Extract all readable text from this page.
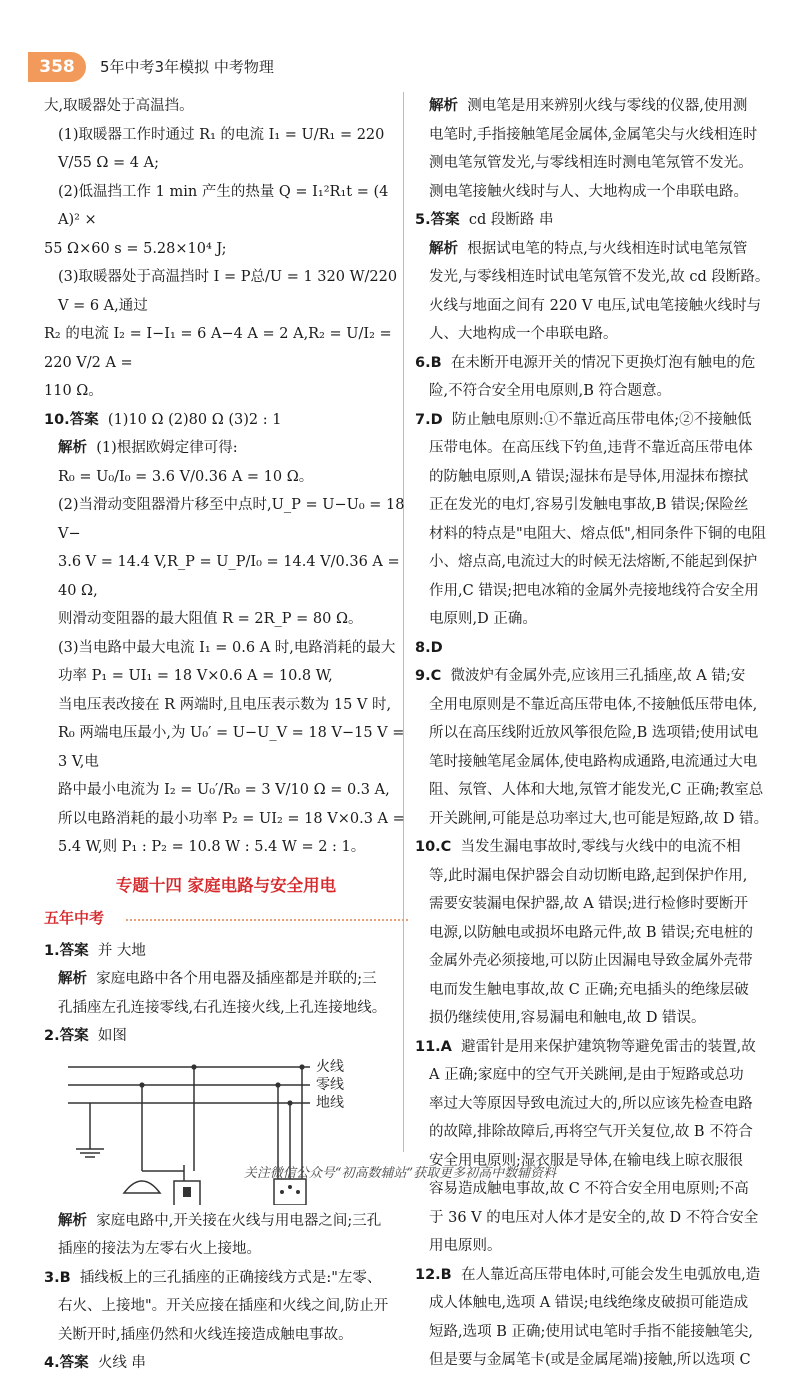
358	5年中考3年模拟 中考物理

大,取暖器处于高温挡。

(1)取暖器工作时通过 R₁ 的电流 I₁ = U/R₁ = 220 V/55 Ω = 4 A;

(2)低温挡工作 1 min 产生的热量 Q = I₁²R₁t = (4 A)² ×

55 Ω×60 s = 5.28×10⁴ J;

(3)取暖器处于高温挡时 I = P总/U = 1 320 W/220 V = 6 A,通过

R₂ 的电流 I₂ = I−I₁ = 6 A−4 A = 2 A,R₂ = U/I₂ = 220 V/2 A =

110 Ω。

10.答案 (1)10 Ω (2)80 Ω (3)2 : 1

解析 (1)根据欧姆定律可得:

R₀ = U₀/I₀ = 3.6 V/0.36 A = 10 Ω。

(2)当滑动变阻器滑片移至中点时,U_P = U−U₀ = 18 V−

3.6 V = 14.4 V,R_P = U_P/I₀ = 14.4 V/0.36 A = 40 Ω,

则滑动变阻器的最大阻值 R = 2R_P = 80 Ω。

(3)当电路中最大电流 I₁ = 0.6 A 时,电路消耗的最大

功率 P₁ = UI₁ = 18 V×0.6 A = 10.8 W,

当电压表改接在 R 两端时,且电压表示数为 15 V 时,

R₀ 两端电压最小,为 U₀′ = U−U_V = 18 V−15 V = 3 V,电

路中最小电流为 I₂ = U₀′/R₀ = 3 V/10 Ω = 0.3 A,

所以电路消耗的最小功率 P₂ = UI₂ = 18 V×0.3 A =

5.4 W,则 P₁ : P₂ = 10.8 W : 5.4 W = 2 : 1。

专题十四 家庭电路与安全用电
五年中考

1.答案 并 大地

解析 家庭电路中各个用电器及插座都是并联的;三

孔插座左孔连接零线,右孔连接火线,上孔连接地线。

2.答案 如图

火线
零线
地线

解析 家庭电路中,开关接在火线与用电器之间;三孔

插座的接法为左零右火上接地。

3.B 插线板上的三孔插座的正确接线方式是:"左零、

右火、上接地"。开关应接在插座和火线之间,防止开

关断开时,插座仍然和火线连接造成触电事故。

4.答案 火线 串

解析 测电笔是用来辨别火线与零线的仪器,使用测

电笔时,手指接触笔尾金属体,金属笔尖与火线相连时

测电笔氖管发光,与零线相连时测电笔氖管不发光。

测电笔接触火线时与人、大地构成一个串联电路。

5.答案 cd 段断路 串

解析 根据试电笔的特点,与火线相连时试电笔氖管

发光,与零线相连时试电笔氖管不发光,故 cd 段断路。

火线与地面之间有 220 V 电压,试电笔接触火线时与

人、大地构成一个串联电路。

6.B 在未断开电源开关的情况下更换灯泡有触电的危

险,不符合安全用电原则,B 符合题意。

7.D 防止触电原则:①不靠近高压带电体;②不接触低

压带电体。在高压线下钓鱼,违背不靠近高压带电体

的防触电原则,A 错误;湿抹布是导体,用湿抹布擦拭

正在发光的电灯,容易引发触电事故,B 错误;保险丝

材料的特点是"电阻大、熔点低",相同条件下铜的电阻

小、熔点高,电流过大的时候无法熔断,不能起到保护

作用,C 错误;把电冰箱的金属外壳接地线符合安全用

电原则,D 正确。

8.D

9.C 微波炉有金属外壳,应该用三孔插座,故 A 错;安

全用电原则是不靠近高压带电体,不接触低压带电体,

所以在高压线附近放风筝很危险,B 选项错;使用试电

笔时接触笔尾金属体,使电路构成通路,电流通过大电

阻、氖管、人体和大地,氖管才能发光,C 正确;教室总

开关跳闸,可能是总功率过大,也可能是短路,故 D 错。

10.C 当发生漏电事故时,零线与火线中的电流不相

等,此时漏电保护器会自动切断电路,起到保护作用,

需要安装漏电保护器,故 A 错误;进行检修时要断开

电源,以防触电或损坏电路元件,故 B 错误;充电桩的

金属外壳必须接地,可以防止因漏电导致金属外壳带

电而发生触电事故,故 C 正确;充电插头的绝缘层破

损仍继续使用,容易漏电和触电,故 D 错误。

11.A 避雷针是用来保护建筑物等避免雷击的装置,故

A 正确;家庭中的空气开关跳闸,是由于短路或总功

率过大等原因导致电流过大的,所以应该先检查电路

的故障,排除故障后,再将空气开关复位,故 B 不符合

安全用电原则;湿衣服是导体,在输电线上晾衣服很

容易造成触电事故,故 C 不符合安全用电原则;不高

于 36 V 的电压对人体才是安全的,故 D 不符合安全

用电原则。

12.B 在人靠近高压带电体时,可能会发生电弧放电,造

成人体触电,选项 A 错误;电线绝缘皮破损可能造成

短路,选项 B 正确;使用试电笔时手指不能接触笔尖,

但是要与金属笔卡(或是金属尾端)接触,所以选项 C

关注微信公众号“初高数辅站”获取更多初高中数辅资料
